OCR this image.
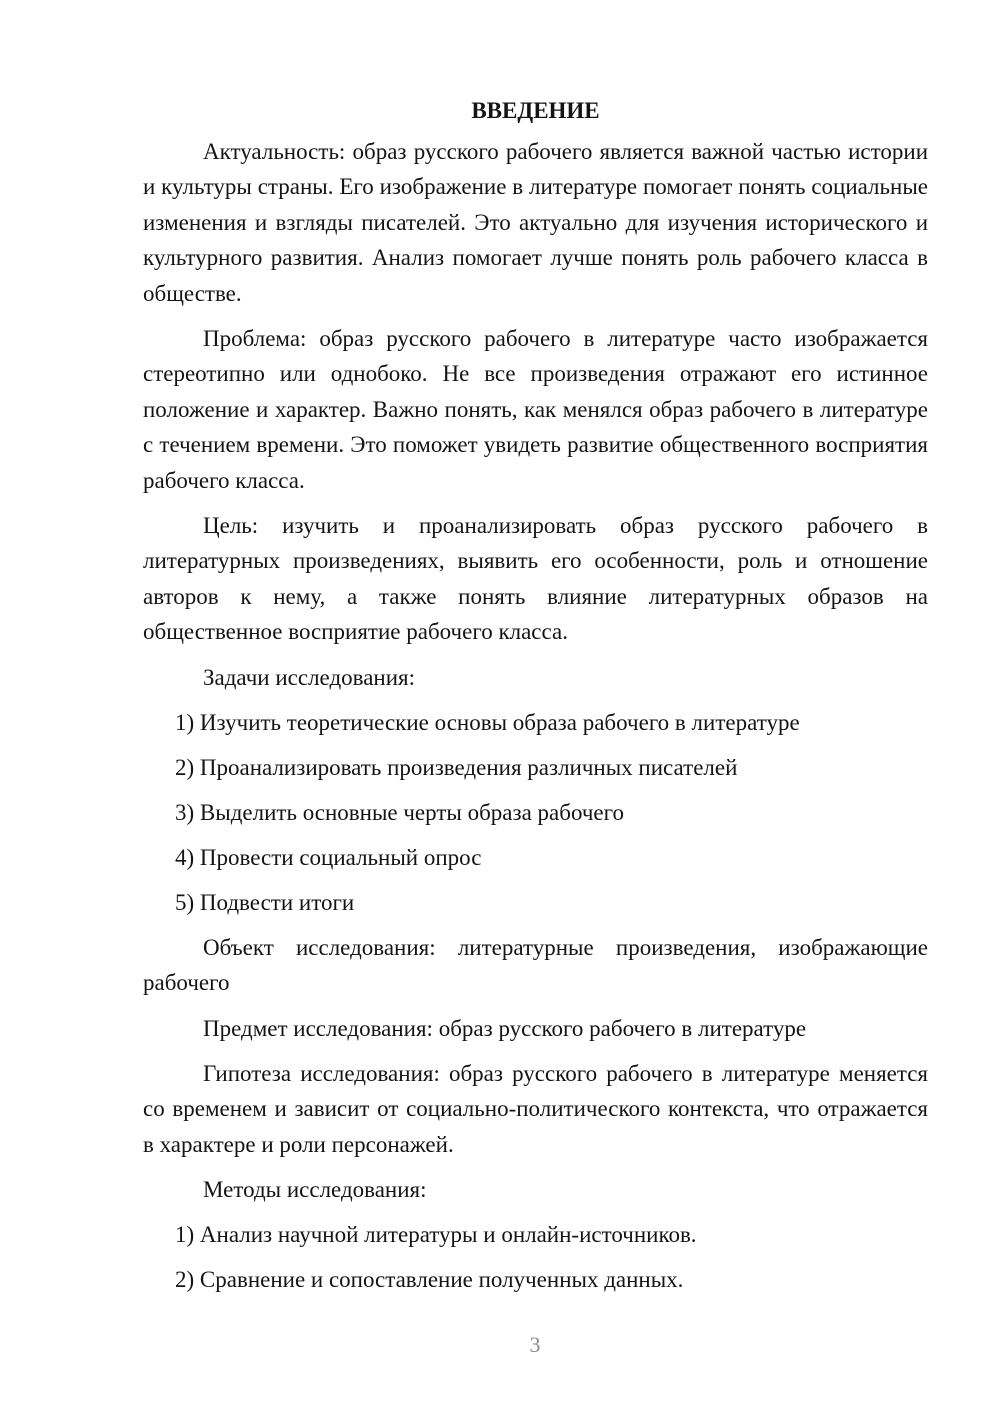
ВВЕДЕНИЕ

Актуальность: образ русского рабочего является важной частью истории и культуры страны. Его изображение в литературе помогает понять социальные изменения и взгляды писателей. Это актуально для изучения исторического и культурного развития. Анализ помогает лучше понять роль рабочего класса в обществе.

Проблема: образ русского рабочего в литературе часто изображается стереотипно или однобоко. Не все произведения отражают его истинное положение и характер. Важно понять, как менялся образ рабочего в литературе с течением времени. Это поможет увидеть развитие общественного восприятия рабочего класса.

Цель: изучить и проанализировать образ русского рабочего в литературных произведениях, выявить его особенности, роль и отношение авторов к нему, а также понять влияние литературных образов на общественное восприятие рабочего класса.

Задачи исследования:

1) Изучить теоретические основы образа рабочего в литературе

2) Проанализировать произведения различных писателей

3) Выделить основные черты образа рабочего

4) Провести социальный опрос

5) Подвести итоги

Объект исследования: литературные произведения, изображающие рабочего

Предмет исследования: образ русского рабочего в литературе

Гипотеза исследования: образ русского рабочего в литературе меняется со временем и зависит от социально-политического контекста, что отражается в характере и роли персонажей.

Методы исследования:

1) Анализ научной литературы и онлайн-источников.

2) Сравнение и сопоставление полученных данных.

3
